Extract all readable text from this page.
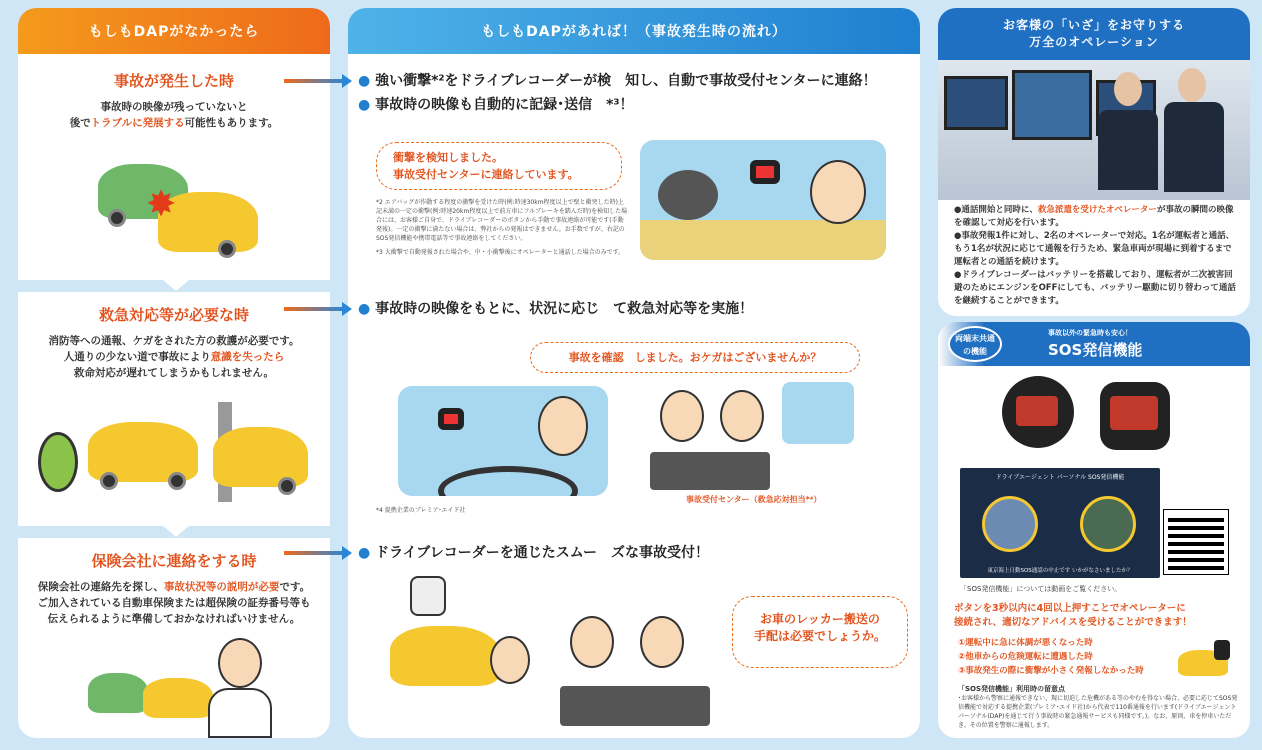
もしもDAPがなかったら
事故が発生した時

事故時の映像が残っていないと
後でトラブルに発展する可能性もあります。

✸
救急対応等が必要な時

消防等への通報、ケガをされた方の救護が必要です。
人通りの少ない道で事故により意識を失ったら
救命対応が遅れてしまうかもしれません。

保険会社に連絡をする時

保険会社の連絡先を探し、事故状況等の説明が必要です。
ご加入されている自動車保険または超保険の証券番号等も
伝えられるように準備しておかなければいけません。

もしもDAPがあれば！（事故発生時の流れ）
● 強い衝撃*²をドライブレコーダーが検　知し、自動で事故受付センターに連絡！
● 事故時の映像も自動的に記録･送信　*³！
衝撃を検知しました。
事故受付センターに連絡しています。
*2 エアバッグが作動する程度の衝撃を受けた時(例:時速30km程度以上で壁と衝突した時)上記未満の一定の衝撃(例:時速20km程度以上で前方車にフルブレーキを踏んだ時)を検知した場合には、お客様ご自身で、ドライブレコーダーのボタンから手動で事故連絡が可能です(手動発報)。一定の衝撃に満たない場合は、弊社からの発報はできません。お手数ですが、右記のSOS発信機能や携帯電話等で事故連絡をしてください。
*3 大衝撃で自動発報された場合や、中・小衝撃後にオペレーターと通話した場合のみです。
● 事故時の映像をもとに、状況に応じ　て救急対応等を実施！
事故を確認　しました。おケガはございませんか？
*4 提携企業のプレミア･エイド社
事故受付センター（救急応対担当*⁴）
● ドライブレコーダーを通じたスムー　ズな事故受付！
お車のレッカー搬送の
手配は必要でしょうか。
お客様の「いざ」をお守りする
万全のオペレーション

●通話開始と同時に、救急派遣を受けたオペレーターが事故の瞬間の映像を確認して対応を行います。

●事故発報1件に対し、2名のオペレーターで対応。1名が運転者と通話、もう1名が状況に応じて通報を行うため、緊急車両が現場に到着するまで運転者との通話を続けます。

●ドライブレコーダーはバッテリーを搭載しており、運転者が二次被害回避のためにエンジンをOFFにしても、バッテリー駆動に切り替わって通話を継続することができます。

両端末共通
の機能
事故以外の緊急時も安心！
SOS発信機能
ドライブエージェント パーソナル SOS発信機能
東京海上日動SOS通話の中止です いかがなさいましたか？
「SOS発信機能」については動画をご覧ください。
ボタンを3秒以内に4回以上押すことでオペレーターに
接続され、適切なアドバイスを受けることができます！
①運転中に急に体調が悪くなった時
②他車からの危険運転に遭遇した時
③事故発生の際に衝撃が小さく発報しなかった時
「SOS発信機能」利用時の留意点
･お客様から警察に通報できない、現に切迫した危機がある等のやむを得ない場合、必要に応じてSOS発信機能で対応する提携企業(プレミア･エイド社)から代表で110番通報を行います(ドライブエージェント パーソナル(DAP)を通じて行う事故時の緊急通報サービスも同様です。)。なお、原則、車を停車いただき、その位置を警察に通報します。
